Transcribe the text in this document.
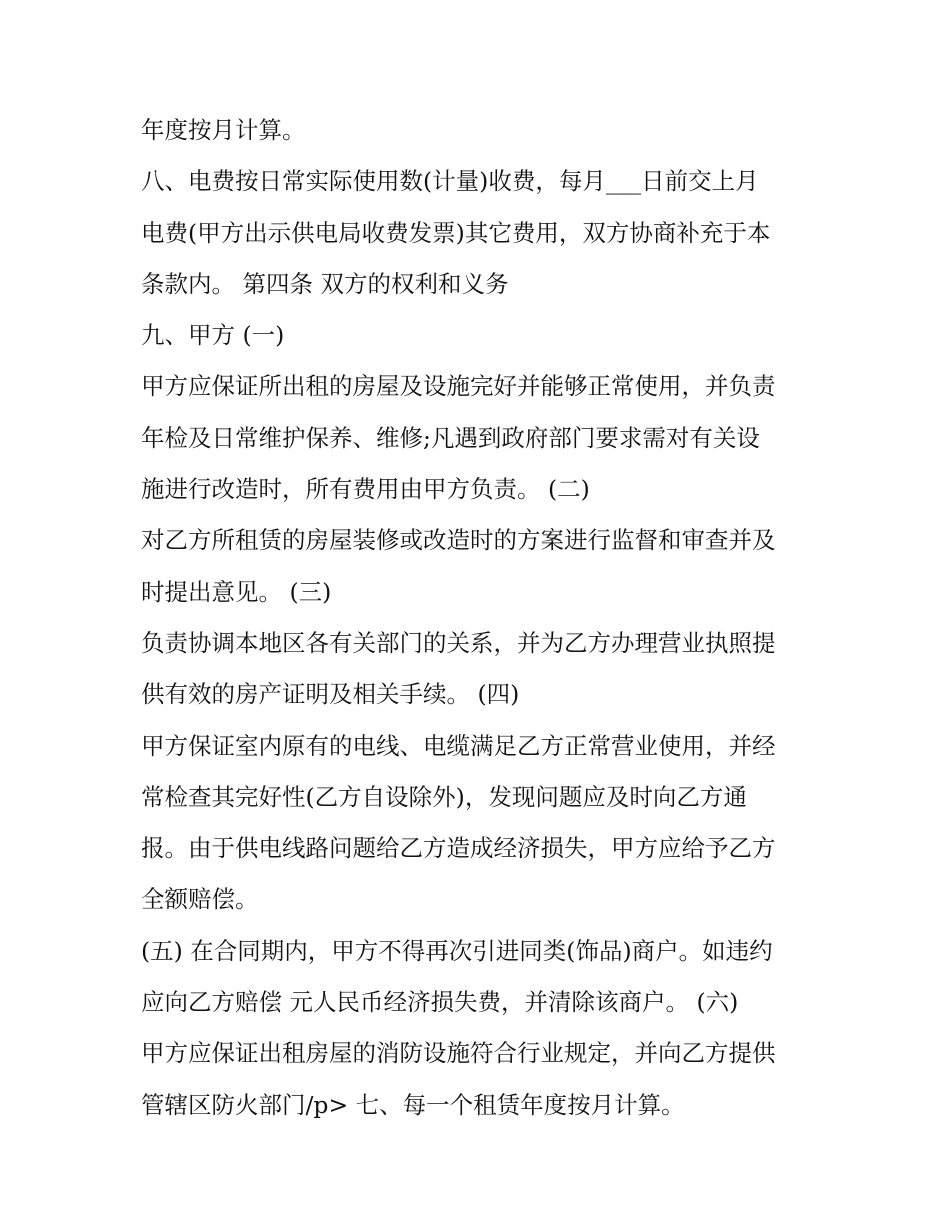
年度按月计算。
八、电费按日常实际使用数(计量)收费，每月___日前交上月
电费(甲方出示供电局收费发票)其它费用，双方协商补充于本
条款内。 第四条 双方的权利和义务
九、甲方 (一)
甲方应保证所出租的房屋及设施完好并能够正常使用，并负责
年检及日常维护保养、维修;凡遇到政府部门要求需对有关设
施进行改造时，所有费用由甲方负责。 (二)
对乙方所租赁的房屋装修或改造时的方案进行监督和审查并及
时提出意见。 (三)
负责协调本地区各有关部门的关系，并为乙方办理营业执照提
供有效的房产证明及相关手续。 (四)
甲方保证室内原有的电线、电缆满足乙方正常营业使用，并经
常检查其完好性(乙方自设除外)，发现问题应及时向乙方通
报。由于供电线路问题给乙方造成经济损失，甲方应给予乙方
全额赔偿。
(五) 在合同期内，甲方不得再次引进同类(饰品)商户。如违约
应向乙方赔偿 元人民币经济损失费，并清除该商户。 (六)
甲方应保证出租房屋的消防设施符合行业规定，并向乙方提供
管辖区防火部门/p> 七、每一个租赁年度按月计算。
